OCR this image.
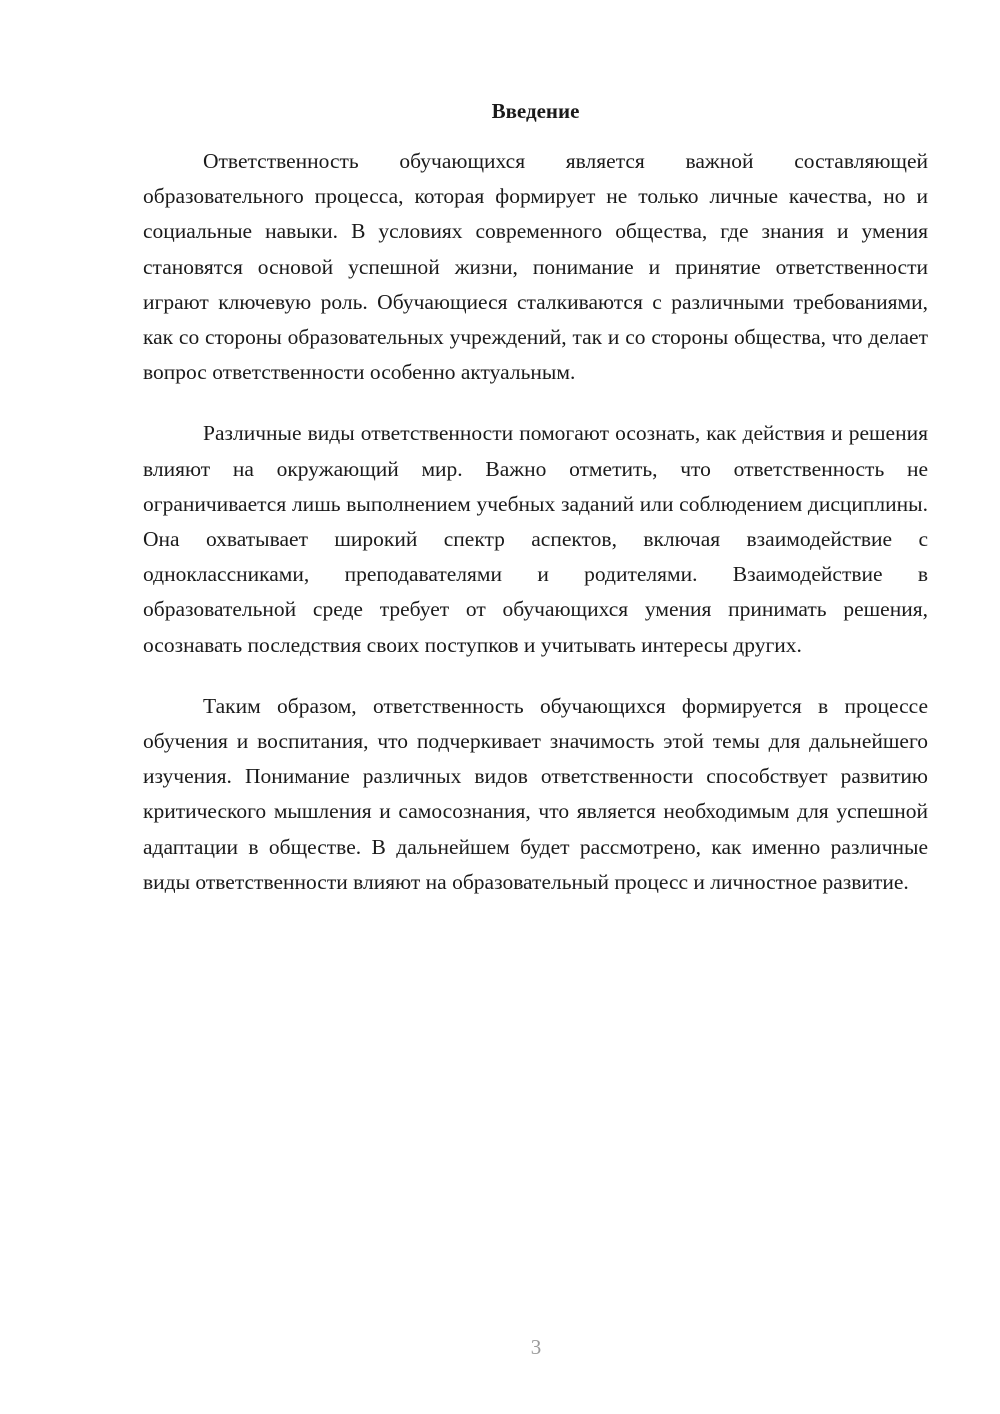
Введение

Ответственность обучающихся является важной составляющей образовательного процесса, которая формирует не только личные качества, но и социальные навыки. В условиях современного общества, где знания и умения становятся основой успешной жизни, понимание и принятие ответственности играют ключевую роль. Обучающиеся сталкиваются с различными требованиями, как со стороны образовательных учреждений, так и со стороны общества, что делает вопрос ответственности особенно актуальным.

Различные виды ответственности помогают осознать, как действия и решения влияют на окружающий мир. Важно отметить, что ответственность не ограничивается лишь выполнением учебных заданий или соблюдением дисциплины. Она охватывает широкий спектр аспектов, включая взаимодействие с одноклассниками, преподавателями и родителями. Взаимодействие в образовательной среде требует от обучающихся умения принимать решения, осознавать последствия своих поступков и учитывать интересы других.

Таким образом, ответственность обучающихся формируется в процессе обучения и воспитания, что подчеркивает значимость этой темы для дальнейшего изучения. Понимание различных видов ответственности способствует развитию критического мышления и самосознания, что является необходимым для успешной адаптации в обществе. В дальнейшем будет рассмотрено, как именно различные виды ответственности влияют на образовательный процесс и личностное развитие.

3
